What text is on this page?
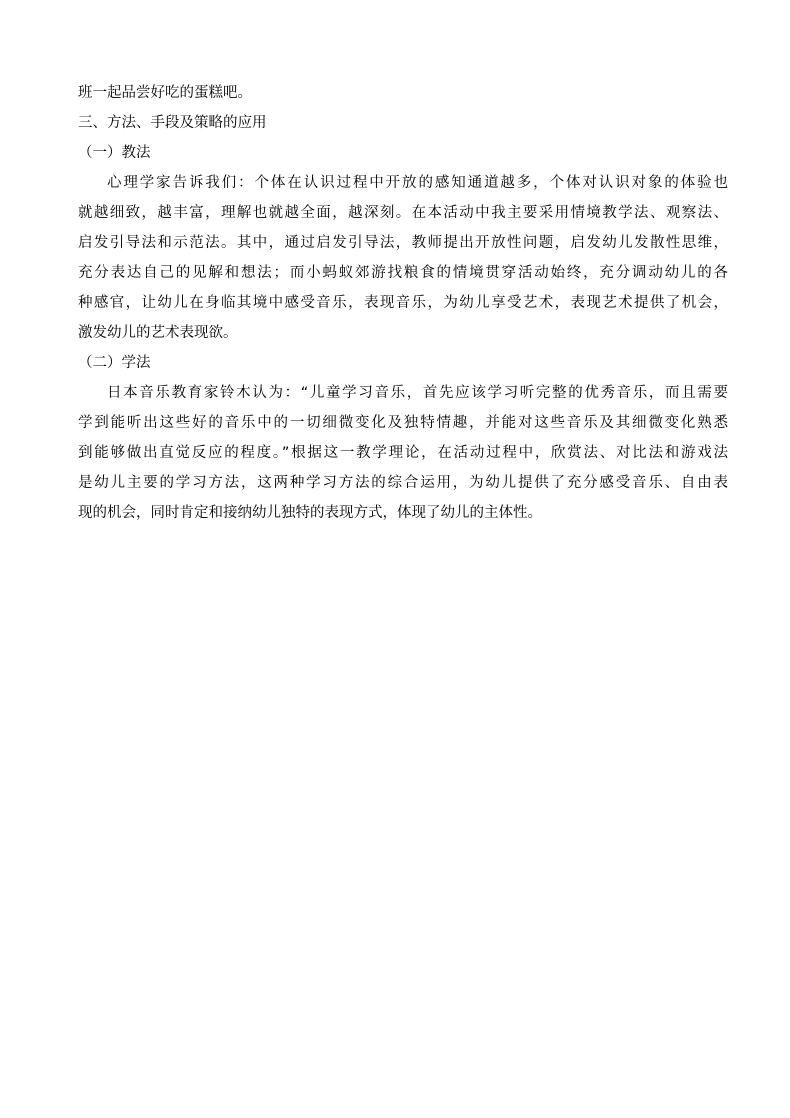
班一起品尝好吃的蛋糕吧。
三、方法、手段及策略的应用
（一）教法
心理学家告诉我们：个体在认识过程中开放的感知通道越多，个体对认识对象的体验也
就越细致，越丰富，理解也就越全面，越深刻。在本活动中我主要采用情境教学法、观察法、
启发引导法和示范法。其中，通过启发引导法，教师提出开放性问题，启发幼儿发散性思维，
充分表达自己的见解和想法；而小蚂蚁郊游找粮食的情境贯穿活动始终，充分调动幼儿的各
种感官，让幼儿在身临其境中感受音乐，表现音乐，为幼儿享受艺术，表现艺术提供了机会，
激发幼儿的艺术表现欲。
（二）学法
日本音乐教育家铃木认为：“儿童学习音乐，首先应该学习听完整的优秀音乐，而且需要
学到能听出这些好的音乐中的一切细微变化及独特情趣，并能对这些音乐及其细微变化熟悉
到能够做出直觉反应的程度。”根据这一教学理论，在活动过程中，欣赏法、对比法和游戏法
是幼儿主要的学习方法，这两种学习方法的综合运用，为幼儿提供了充分感受音乐、自由表
现的机会，同时肯定和接纳幼儿独特的表现方式，体现了幼儿的主体性。
